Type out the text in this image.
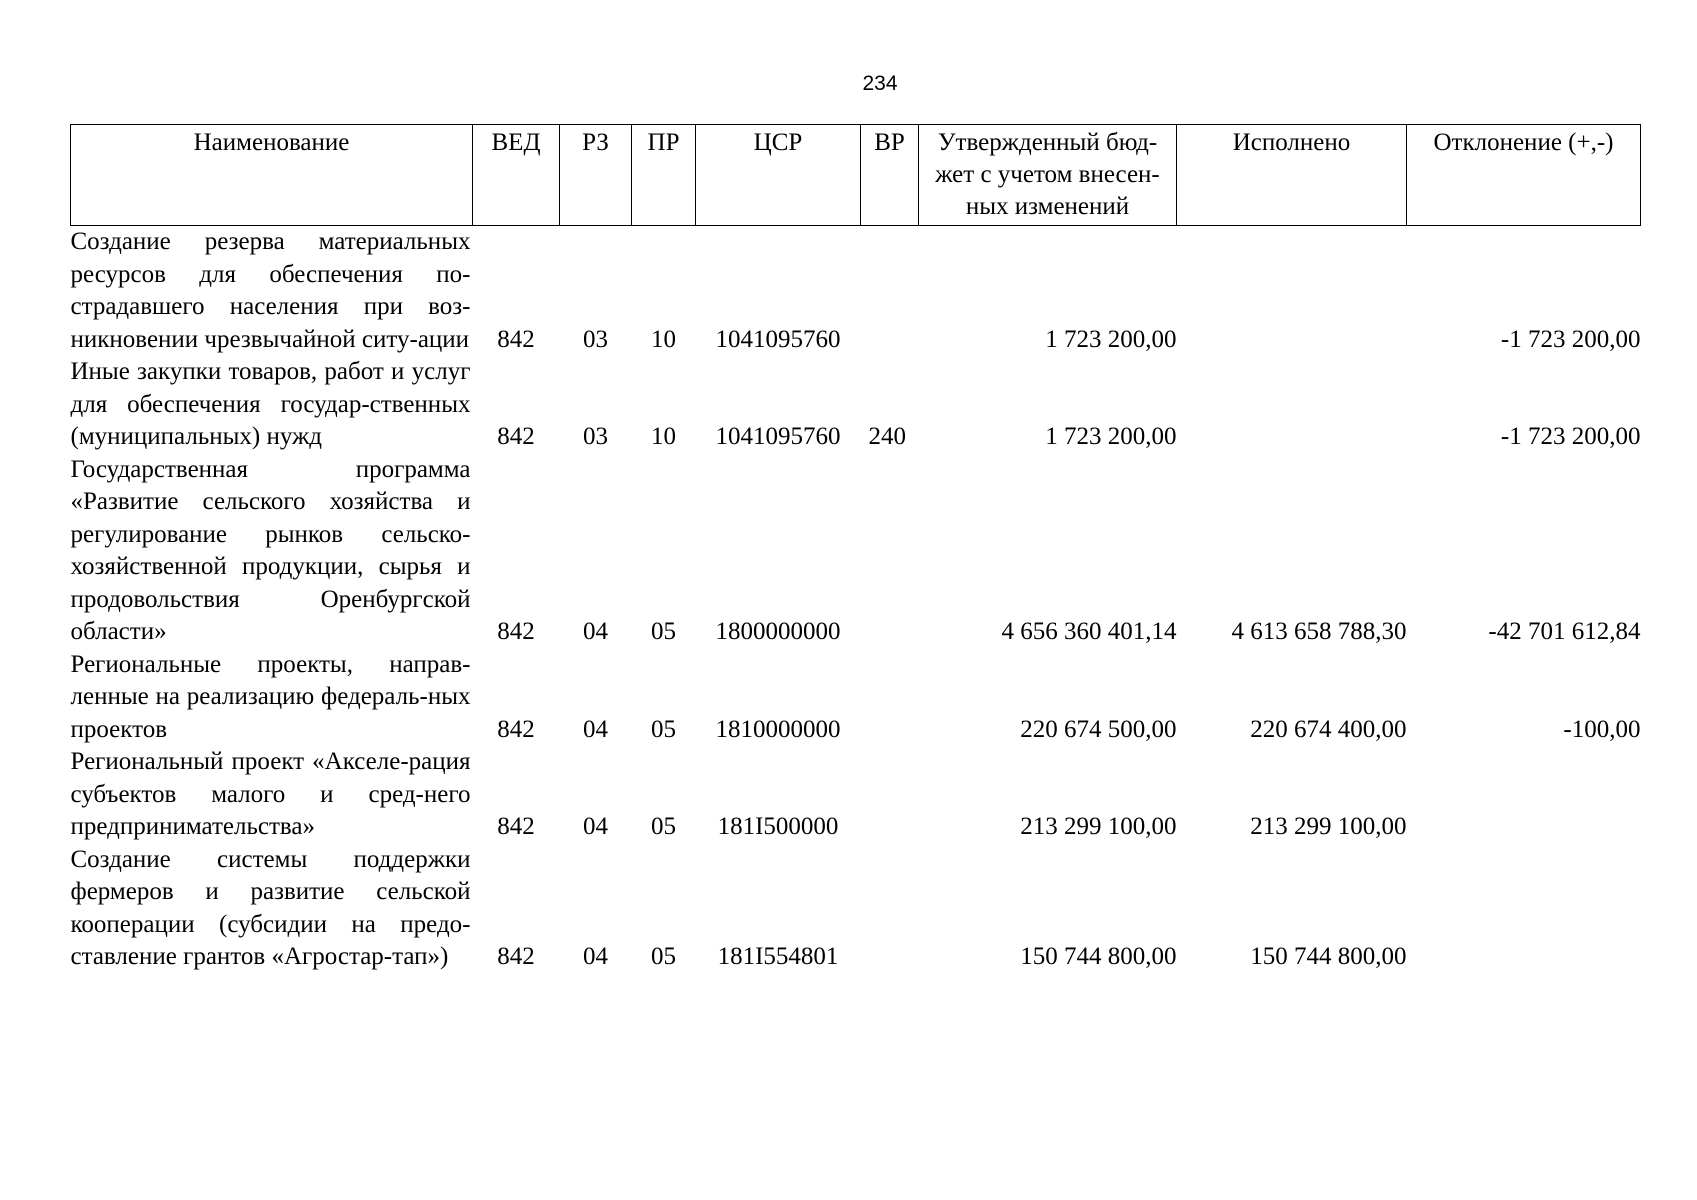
234
Наименование	ВЕД	РЗ	ПР	ЦСР	ВР	Утвержденный бюд-жет с учетом внесен-ных изменений	Исполнено	Отклонение (+,-)
Создание резерва материальных ресурсов для обеспечения по-страдавшего населения при воз-никновении чрезвычайной ситу-ации	842	03	10	1041095760		1 723 200,00		-1 723 200,00
Иные закупки товаров, работ и услуг для обеспечения государ-ственных (муниципальных) нужд	842	03	10	1041095760	240	1 723 200,00		-1 723 200,00
Государственная программа «Развитие сельского хозяйства и регулирование рынков сельско-хозяйственной продукции, сырья и продовольствия Оренбургской области»	842	04	05	1800000000		4 656 360 401,14	4 613 658 788,30	-42 701 612,84
Региональные проекты, направ-ленные на реализацию федераль-ных проектов	842	04	05	1810000000		220 674 500,00	220 674 400,00	-100,00
Региональный проект «Акселе-рация субъектов малого и сред-него предпринимательства»	842	04	05	181I500000		213 299 100,00	213 299 100,00	
Создание системы поддержки фермеров и развитие сельской кооперации (субсидии на предо-ставление грантов «Агростар-тап»)	842	04	05	181I554801		150 744 800,00	150 744 800,00	
